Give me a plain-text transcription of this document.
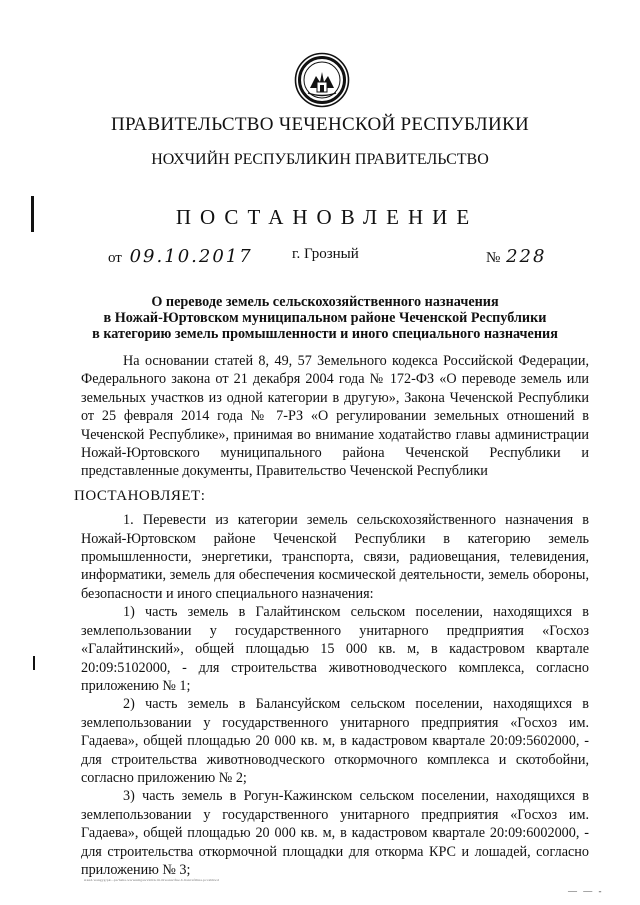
ПРАВИТЕЛЬСТВО ЧЕЧЕНСКОЙ РЕСПУБЛИКИ
НОХЧИЙН РЕСПУБЛИКИН ПРАВИТЕЛЬСТВО
ПОСТАНОВЛЕНИЕ
от 09.10.2017	г. Грозный	№ 228
О переводе земель сельскохозяйственного назначения
в Ножай-Юртовском муниципальном районе Чеченской Республики
в категорию земель промышленности и иного специального назначения

На основании статей 8, 49, 57 Земельного кодекса Российской Федерации, Федерального закона от 21 декабря 2004 года № 172-ФЗ «О переводе земель или земельных участков из одной категории в другую», Закона Чеченской Республики от 25 февраля 2014 года № 7-РЗ «О регулировании земельных отношений в Чеченской Республике», принимая во внимание ходатайство главы администрации Ножай-Юртовского муниципального района Чеченской Республики и представленные документы, Правительство Чеченской Республики

ПОСТАНОВЛЯЕТ:

1. Перевести из категории земель сельскохозяйственного назначения в Ножай-Юртовском районе Чеченской Республики в категорию земель промышленности, энергетики, транспорта, связи, радиовещания, телевидения, информатики, земель для обеспечения космической деятельности, земель обороны, безопасности и иного специального назначения:

1) часть земель в Галайтинском сельском поселении, находящихся в землепользовании у государственного унитарного предприятия «Госхоз «Галайтинский», общей площадью 15 000 кв. м, в кадастровом квартале 20:09:5102000, - для строительства животноводческого комплекса, согласно приложению № 1;

2) часть земель в Балансуйском сельском поселении, находящихся в землепользовании у государственного унитарного предприятия «Госхоз им. Гадаева», общей площадью 20 000 кв. м, в кадастровом квартале 20:09:5602000, - для строительства животноводческого откормочного комплекса и скотобойни, согласно приложению № 2;

3) часть земель в Рогун-Кажинском сельском поселении, находящихся в землепользовании у государственного унитарного предприятия «Госхоз им. Гадаева», общей площадью 20 000 кв. м, в кадастровом квартале 20:09:6002000, - для строительства откормочной площадки для откорма КРС и лошадей, согласно приложению № 3;

stand.wangyg/pk...ps/baha.wwwnmgawvnbln.ltt.thwanwtfne.b.ltanvsfiltna.pccabhwd
— — -
